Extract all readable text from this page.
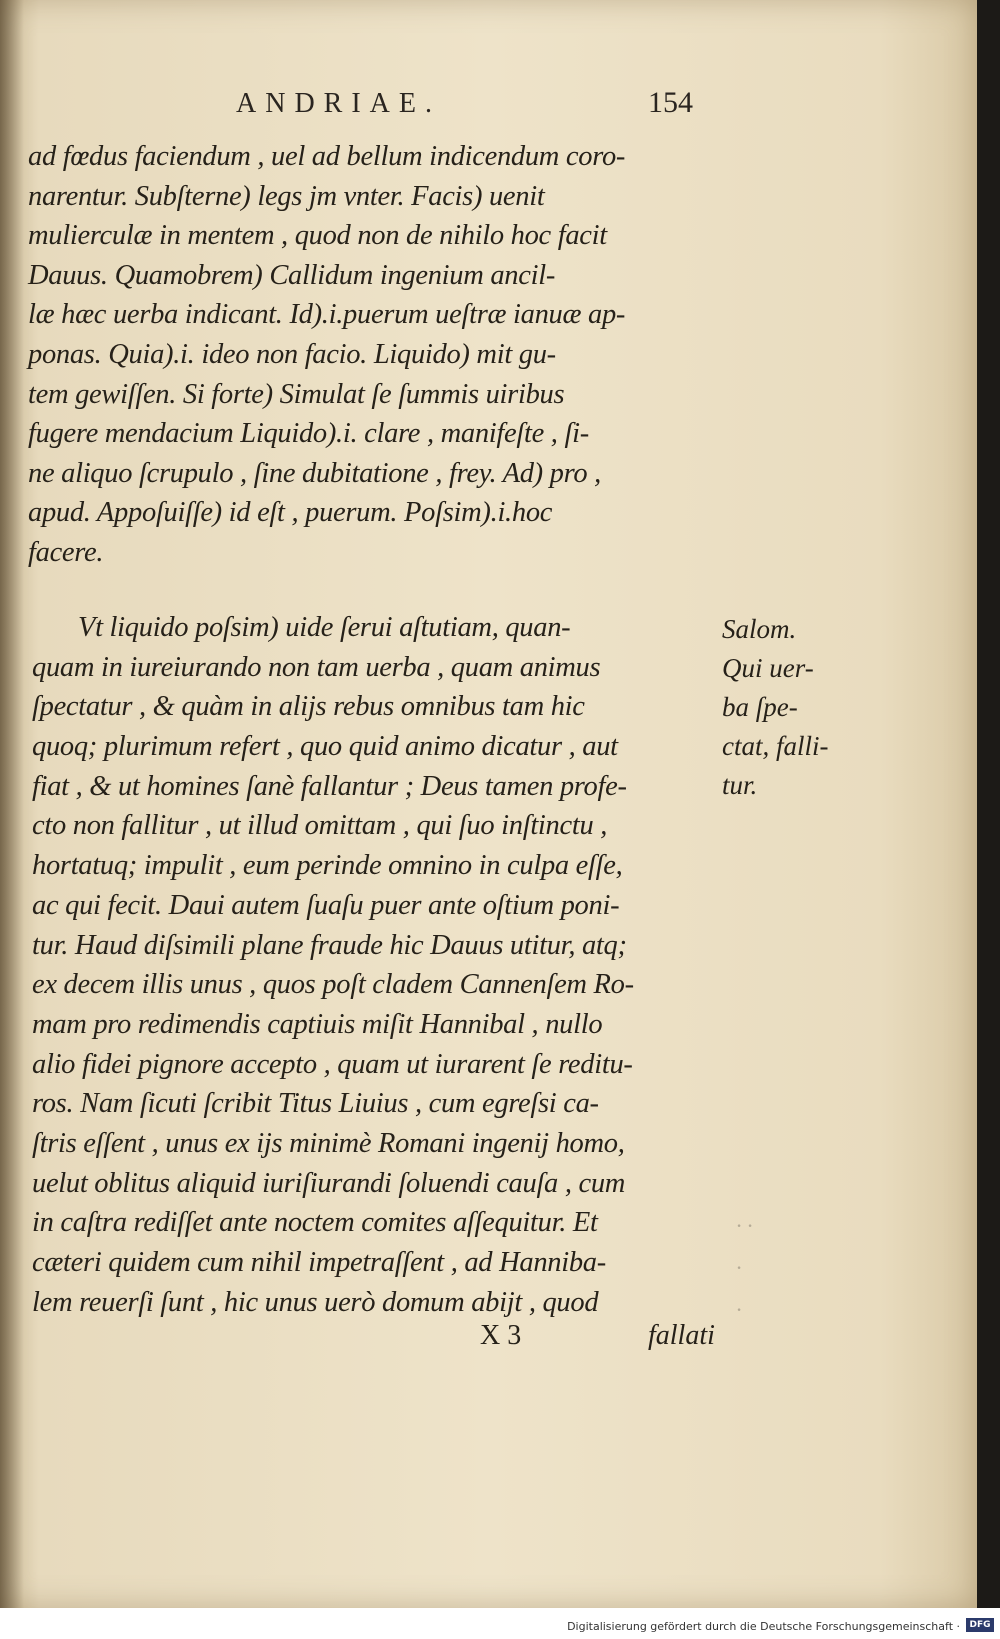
ANDRIAE.	154
ad fœdus faciendum , uel ad bellum indicendum coro-
narentur. Subſterne) legs jm vnter. Facis) uenit
mulierculæ in mentem , quod non de nihilo hoc facit
Dauus. Quamobrem) Callidum ingenium ancil-
læ hæc uerba indicant. Id).i.puerum ueſtræ ianuæ ap-
ponas. Quia).i. ideo non facio. Liquido) mit gu-
tem gewiſſen. Si forte) Simulat ſe ſummis uiribus
fugere mendacium Liquido).i. clare , manifeſte , ſi-
ne aliquo ſcrupulo , ſine dubitatione , frey. Ad) pro ,
apud. Appoſuiſſe) id eſt , puerum. Poſsim).i.hoc
facere.
Vt liquido poſsim) uide ſerui aſtutiam, quan-
quam in iureiurando non tam uerba , quam animus
ſpectatur , & quàm in alijs rebus omnibus tam hic
quoq; plurimum refert , quo quid animo dicatur , aut
fiat , & ut homines ſanè fallantur ; Deus tamen profe-
cto non fallitur , ut illud omittam , qui ſuo inſtinctu ,
hortatuq; impulit , eum perinde omnino in culpa eſſe,
ac qui fecit. Daui autem ſuaſu puer ante oſtium poni-
tur. Haud diſsimili plane fraude hic Dauus utitur, atq;
ex decem illis unus , quos poſt cladem Cannenſem Ro-
mam pro redimendis captiuis miſit Hannibal , nullo
alio fidei pignore accepto , quam ut iurarent ſe reditu-
ros. Nam ſicuti ſcribit Titus Liuius , cum egreſsi ca-
ſtris eſſent , unus ex ijs minimè Romani ingenij homo,
uelut oblitus aliquid iuriſiurandi ſoluendi cauſa , cum
in caſtra rediſſet ante noctem comites aſſequitur. Et
cæteri quidem cum nihil impetraſſent , ad Hanniba-
lem reuerſi ſunt , hic unus uerò domum abijt , quod
Salom.
Qui uer-
ba ſpe-
ctat, falli-
tur.
· ·
·
·
X 3	fallati
Digitalisierung gefördert durch die Deutsche Forschungsgemeinschaft ·	DFG
